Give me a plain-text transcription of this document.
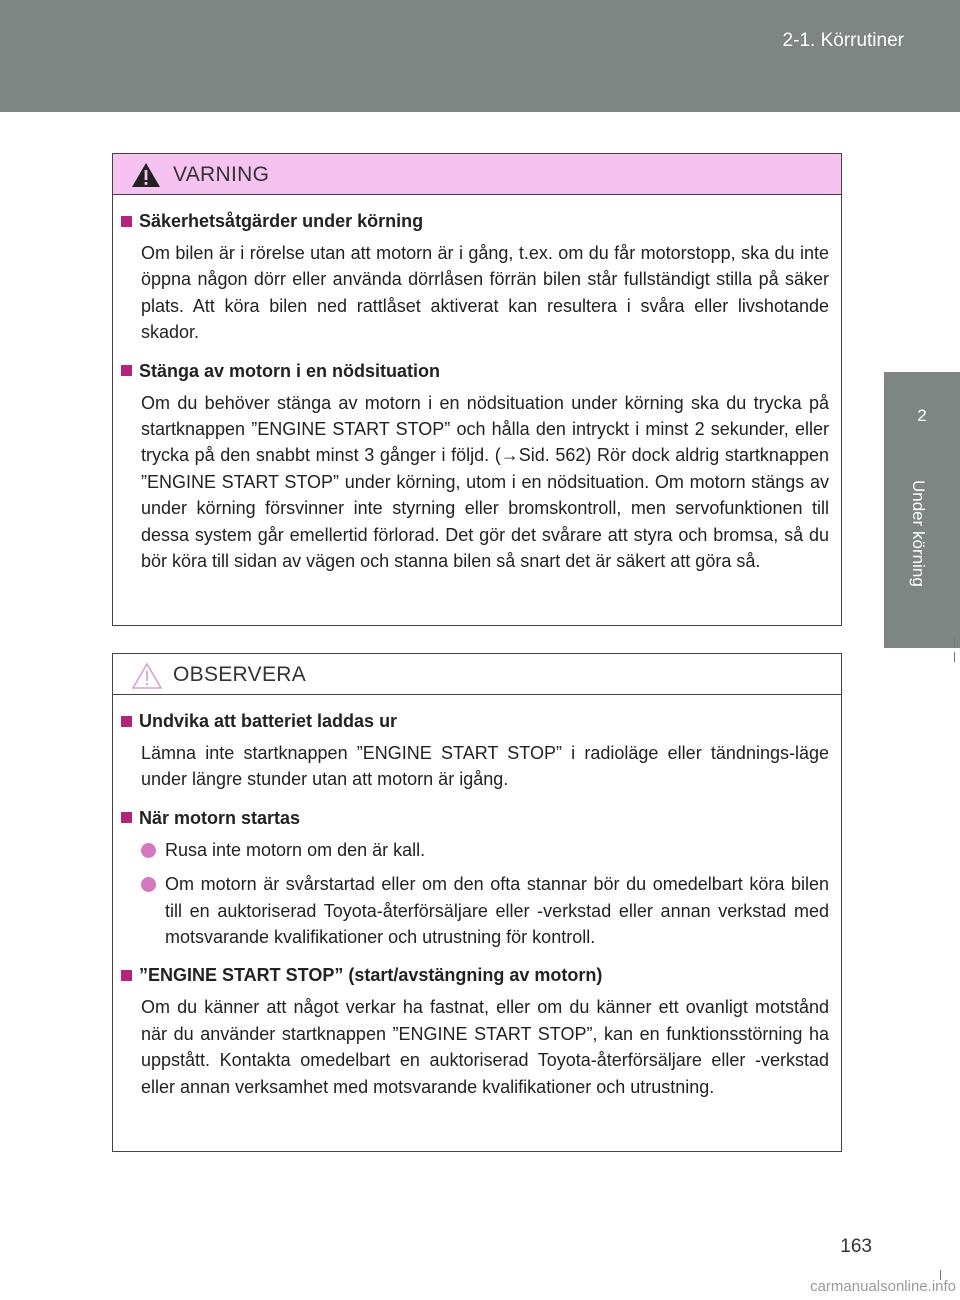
2-1. Körrutiner
2
Under körning
VARNING
Säkerhetsåtgärder under körning
Om bilen är i rörelse utan att motorn är i gång, t.ex. om du får motorstopp, ska du inte öppna någon dörr eller använda dörrlåsen förrän bilen står fullständigt stilla på säker plats. Att köra bilen ned rattlåset aktiverat kan resultera i svåra eller livshotande skador.
Stänga av motorn i en nödsituation
Om du behöver stänga av motorn i en nödsituation under körning ska du trycka på startknappen ”ENGINE START STOP” och hålla den intryckt i minst 2 sekunder, eller trycka på den snabbt minst 3 gånger i följd. (→Sid. 562) Rör dock aldrig startknappen ”ENGINE START STOP” under körning, utom i en nödsituation. Om motorn stängs av under körning försvinner inte styrning eller bromskontroll, men servofunktionen till dessa system går emellertid förlorad. Det gör det svårare att styra och bromsa, så du bör köra till sidan av vägen och stanna bilen så snart det är säkert att göra så.
OBSERVERA
Undvika att batteriet laddas ur
Lämna inte startknappen ”ENGINE START STOP” i radioläge eller tändnings-läge under längre stunder utan att motorn är igång.
När motorn startas
Rusa inte motorn om den är kall.
Om motorn är svårstartad eller om den ofta stannar bör du omedelbart köra bilen till en auktoriserad Toyota-återförsäljare eller -verkstad eller annan verkstad med motsvarande kvalifikationer och utrustning för kontroll.
”ENGINE START STOP” (start/avstängning av motorn)
Om du känner att något verkar ha fastnat, eller om du känner ett ovanligt motstånd när du använder startknappen ”ENGINE START STOP”, kan en funktionsstörning ha uppstått. Kontakta omedelbart en auktoriserad Toyota-återförsäljare eller -verkstad eller annan verksamhet med motsvarande kvalifikationer och utrustning.
163
carmanualsonline.info
